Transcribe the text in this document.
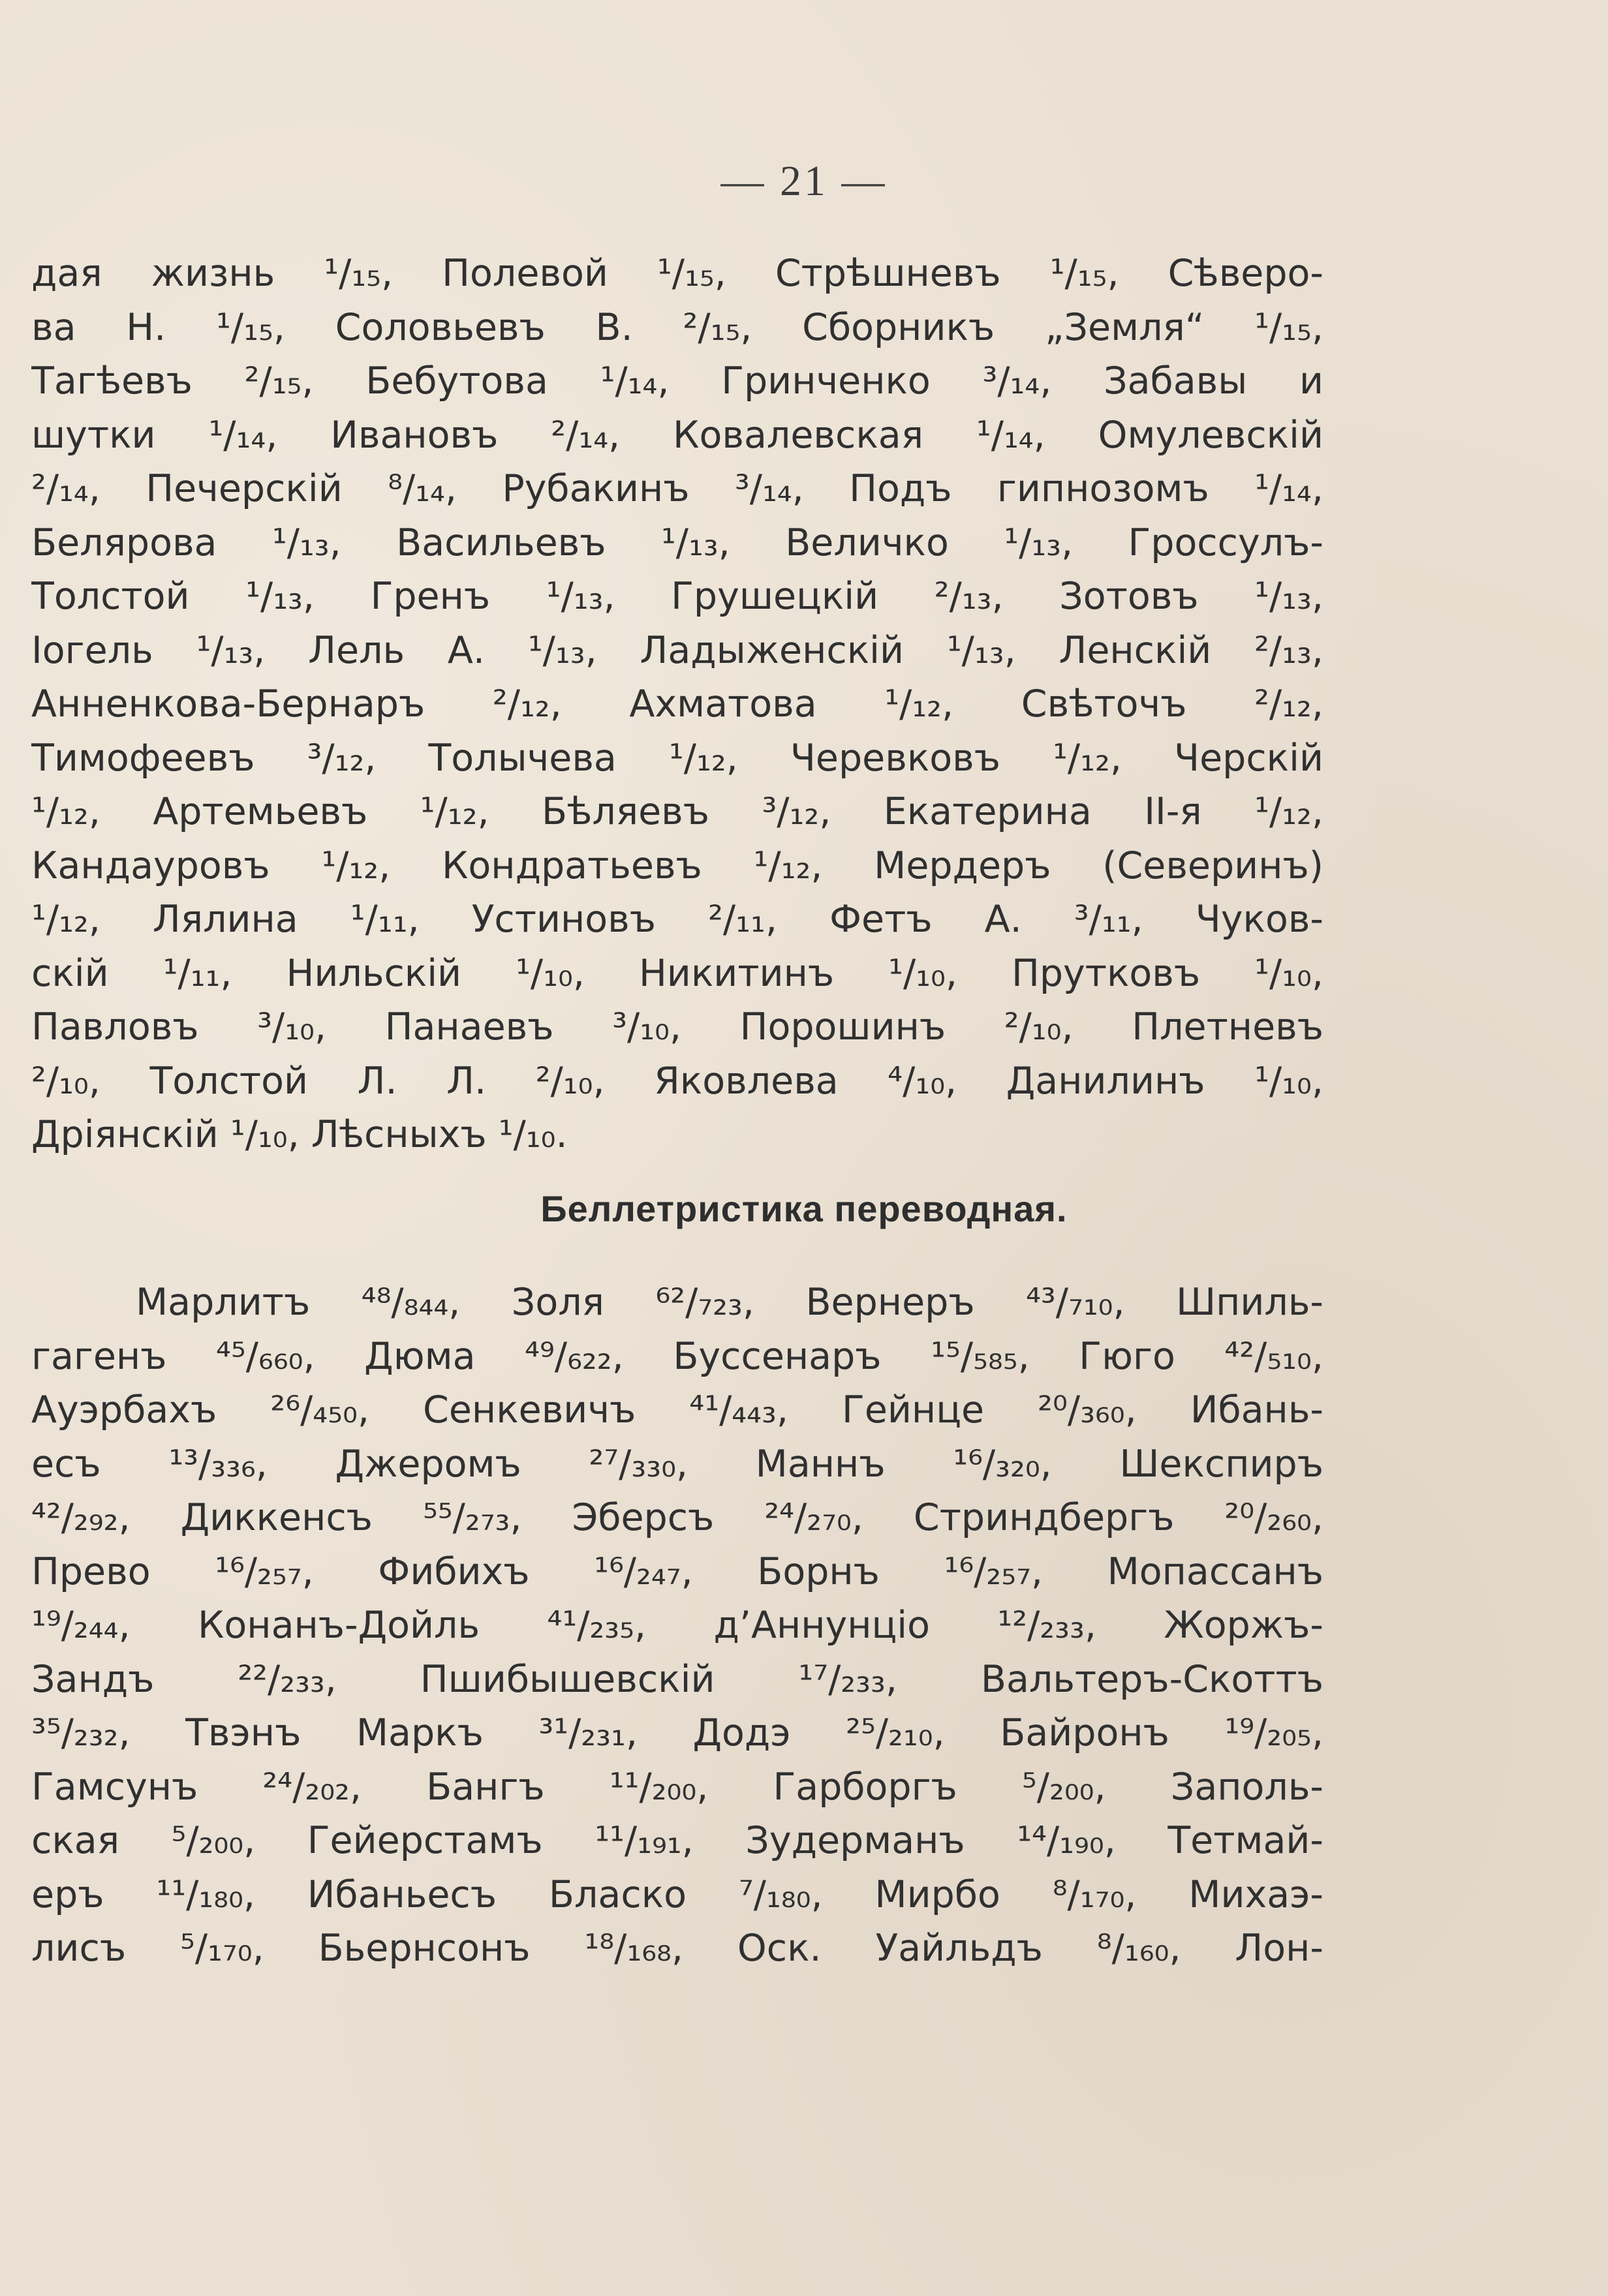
— 21 —
дая жизнь ¹/₁₅, Полевой ¹/₁₅, Стрѣшневъ ¹/₁₅, Сѣверо-
ва Н. ¹/₁₅, Соловьевъ В. ²/₁₅, Сборникъ „Земля“ ¹/₁₅,
Тагѣевъ ²/₁₅, Бебутова ¹/₁₄, Гринченко ³/₁₄, Забавы и
шутки ¹/₁₄, Ивановъ ²/₁₄, Ковалевская ¹/₁₄, Омулевскій
²/₁₄, Печерскій ⁸/₁₄, Рубакинъ ³/₁₄, Подъ гипнозомъ ¹/₁₄,
Белярова ¹/₁₃, Васильевъ ¹/₁₃, Величко ¹/₁₃, Гроссулъ-
Толстой ¹/₁₃, Гренъ ¹/₁₃, Грушецкій ²/₁₃, Зотовъ ¹/₁₃,
Іогель ¹/₁₃, Лель А. ¹/₁₃, Ладыженскій ¹/₁₃, Ленскій ²/₁₃,
Анненкова-Бернаръ ²/₁₂, Ахматова ¹/₁₂, Свѣточъ ²/₁₂,
Тимофеевъ ³/₁₂, Толычева ¹/₁₂, Черевковъ ¹/₁₂, Черскій
¹/₁₂, Артемьевъ ¹/₁₂, Бѣляевъ ³/₁₂, Екатерина II-я ¹/₁₂,
Кандауровъ ¹/₁₂, Кондратьевъ ¹/₁₂, Мердеръ (Северинъ)
¹/₁₂, Лялина ¹/₁₁, Устиновъ ²/₁₁, Фетъ А. ³/₁₁, Чуков-
скій ¹/₁₁, Нильскій ¹/₁₀, Никитинъ ¹/₁₀, Прутковъ ¹/₁₀,
Павловъ ³/₁₀, Панаевъ ³/₁₀, Порошинъ ²/₁₀, Плетневъ
²/₁₀, Толстой Л. Л. ²/₁₀, Яковлева ⁴/₁₀, Данилинъ ¹/₁₀,
Дріянскій ¹/₁₀, Лѣсныхъ ¹/₁₀.
Беллетристика переводная.
Марлитъ ⁴⁸/₈₄₄, Золя ⁶²/₇₂₃, Вернеръ ⁴³/₇₁₀, Шпиль-
гагенъ ⁴⁵/₆₆₀, Дюма ⁴⁹/₆₂₂, Буссенаръ ¹⁵/₅₈₅, Гюго ⁴²/₅₁₀,
Ауэрбахъ ²⁶/₄₅₀, Сенкевичъ ⁴¹/₄₄₃, Гейнце ²⁰/₃₆₀, Ибань-
есъ ¹³/₃₃₆, Джеромъ ²⁷/₃₃₀, Маннъ ¹⁶/₃₂₀, Шекспиръ
⁴²/₂₉₂, Диккенсъ ⁵⁵/₂₇₃, Эберсъ ²⁴/₂₇₀, Стриндбергъ ²⁰/₂₆₀,
Прево ¹⁶/₂₅₇, Фибихъ ¹⁶/₂₄₇, Борнъ ¹⁶/₂₅₇, Мопассанъ
¹⁹/₂₄₄, Конанъ-Дойль ⁴¹/₂₃₅, д’Аннунціо ¹²/₂₃₃, Жоржъ-
Зандъ ²²/₂₃₃, Пшибышевскій ¹⁷/₂₃₃, Вальтеръ-Скоттъ
³⁵/₂₃₂, Твэнъ Маркъ ³¹/₂₃₁, Додэ ²⁵/₂₁₀, Байронъ ¹⁹/₂₀₅,
Гамсунъ ²⁴/₂₀₂, Бангъ ¹¹/₂₀₀, Гарборгъ ⁵/₂₀₀, Заполь-
ская ⁵/₂₀₀, Гейерстамъ ¹¹/₁₉₁, Зудерманъ ¹⁴/₁₉₀, Тетмай-
еръ ¹¹/₁₈₀, Ибаньесъ Бласко ⁷/₁₈₀, Мирбо ⁸/₁₇₀, Михаэ-
лисъ ⁵/₁₇₀, Бьернсонъ ¹⁸/₁₆₈, Оск. Уайльдъ ⁸/₁₆₀, Лон-
